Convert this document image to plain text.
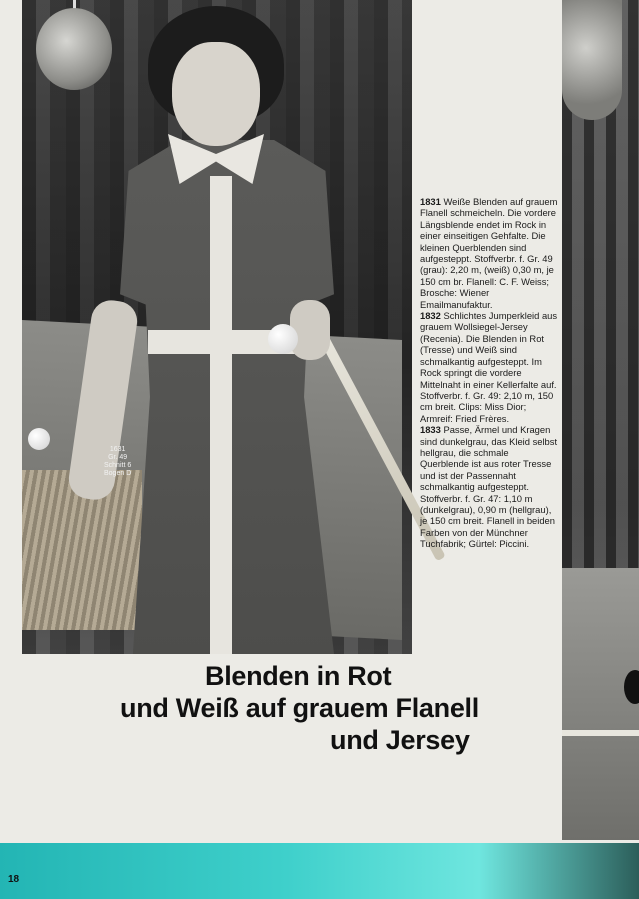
1631
Gr. 49
Schnitt 6
Bogen D

1831 Weiße Blenden auf grauem Flanell schmeicheln. Die vordere Längsblende endet im Rock in einer einseitigen Gehfalte. Die kleinen Querblenden sind aufgesteppt. Stoffverbr. f. Gr. 49 (grau): 2,20 m, (weiß) 0,30 m, je 150 cm br. Flanell: C. F. Weiss; Brosche: Wiener Emailmanufaktur.

1832 Schlichtes Jumperkleid aus grauem Wollsiegel-Jersey (Recenia). Die Blenden in Rot (Tresse) und Weiß sind schmalkantig aufgesteppt. Im Rock springt die vordere Mittelnaht in einer Kellerfalte auf. Stoffverbr. f. Gr. 49: 2,10 m, 150 cm breit. Clips: Miss Dior; Armreif: Fried Frères.

1833 Passe, Ärmel und Kragen sind dunkelgrau, das Kleid selbst hellgrau, die schmale Querblende ist aus roter Tresse und ist der Passennaht schmalkantig aufgesteppt. Stoffverbr. f. Gr. 47: 1,10 m (dunkelgrau), 0,90 m (hellgrau), je 150 cm breit. Flanell in beiden Farben von der Münchner Tuchfabrik; Gürtel: Piccini.

Blenden in Rot
und Weiß auf grauem Flanell
und Jersey
18
